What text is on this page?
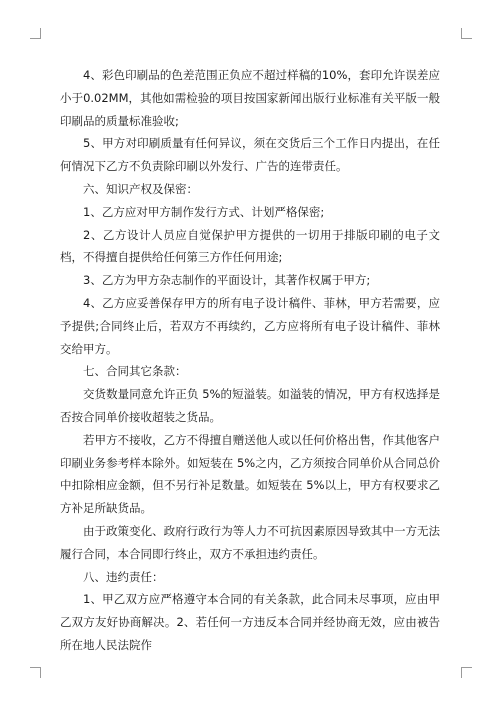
4、彩色印刷品的色差范围正负应不超过样稿的10%，套印允许误差应小于0.02MM，其他如需检验的项目按国家新闻出版行业标准有关平版一般印刷品的质量标准验收;

5、甲方对印刷质量有任何异议，须在交货后三个工作日内提出，在任何情况下乙方不负责除印刷以外发行、广告的连带责任。

六、知识产权及保密：

1、乙方应对甲方制作发行方式、计划严格保密;

2、乙方设计人员应自觉保护甲方提供的一切用于排版印刷的电子文档，不得擅自提供给任何第三方作任何用途;

3、乙方为甲方杂志制作的平面设计，其著作权属于甲方;

4、乙方应妥善保存甲方的所有电子设计稿件、菲林，甲方若需要，应予提供;合同终止后，若双方不再续约，乙方应将所有电子设计稿件、菲林交给甲方。

七、合同其它条款：

交货数量同意允许正负 5%的短溢装。如溢装的情况，甲方有权选择是否按合同单价接收超装之货品。

若甲方不接收，乙方不得擅自赠送他人或以任何价格出售，作其他客户印刷业务参考样本除外。如短装在 5%之内，乙方须按合同单价从合同总价中扣除相应金额，但不另行补足数量。如短装在 5%以上，甲方有权要求乙方补足所缺货品。

由于政策变化、政府行政行为等人力不可抗因素原因导致其中一方无法履行合同，本合同即行终止，双方不承担违约责任。

八、违约责任：

1、甲乙双方应严格遵守本合同的有关条款，此合同未尽事项，应由甲乙双方友好协商解决。2、若任何一方违反本合同并经协商无效，应由被告所在地人民法院作
